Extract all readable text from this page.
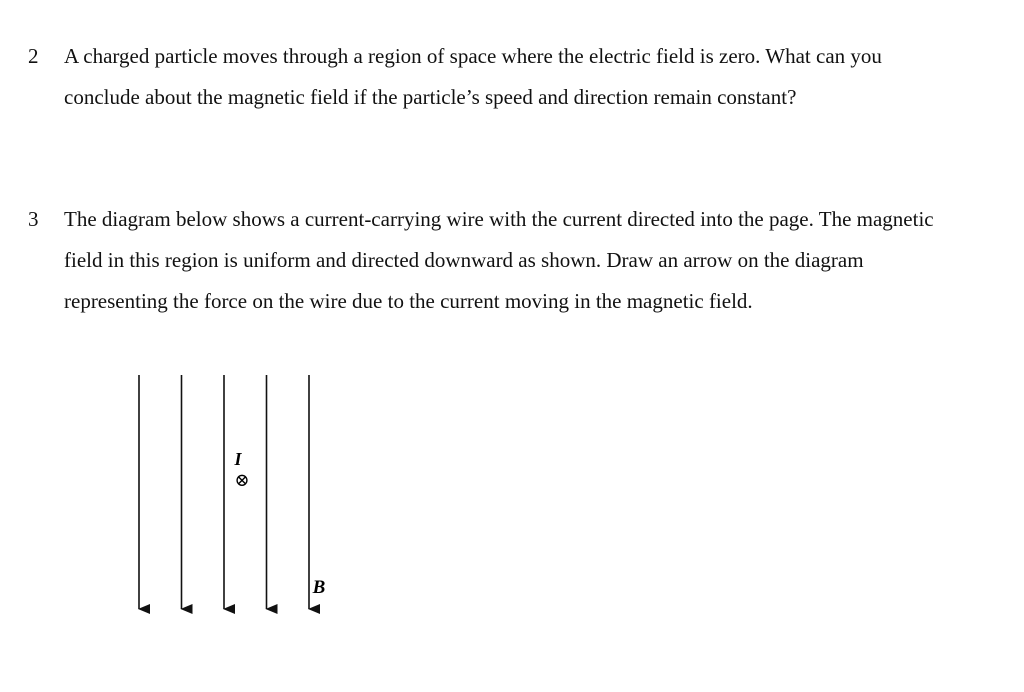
2 A charged particle moves through a region of space where the electric field is zero. What can you conclude about the magnetic field if the particle’s speed and direction remain constant?
3 The diagram below shows a current-carrying wire with the current directed into the page. The magnetic field in this region is uniform and directed downward as shown. Draw an arrow on the diagram representing the force on the wire due to the current moving in the magnetic field.
I
⊗
B
